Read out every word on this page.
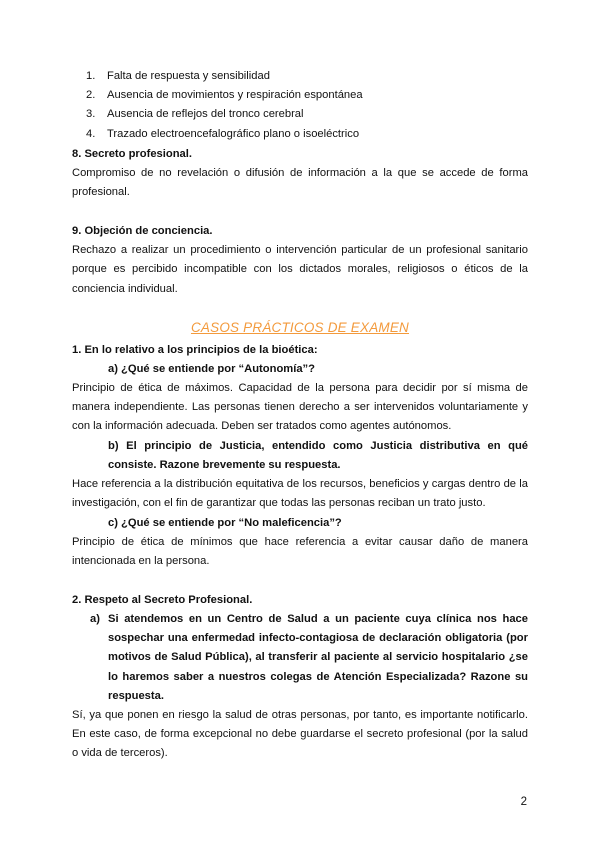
1. Falta de respuesta y sensibilidad
2. Ausencia de movimientos y respiración espontánea
3. Ausencia de reflejos del tronco cerebral
4. Trazado electroencefalográfico plano o isoeléctrico

8. Secreto profesional.

Compromiso de no revelación o difusión de información a la que se accede de forma profesional.

9. Objeción de conciencia.

Rechazo a realizar un procedimiento o intervención particular de un profesional sanitario porque es percibido incompatible con los dictados morales, religiosos o éticos de la conciencia individual.

CASOS PRÁCTICOS DE EXAMEN

1. En lo relativo a los principios de la bioética:

a) ¿Qué se entiende por “Autonomía”?

Principio de ética de máximos. Capacidad de la persona para decidir por sí misma de manera independiente. Las personas tienen derecho a ser intervenidos voluntariamente y con la información adecuada. Deben ser tratados como agentes autónomos.

b) El principio de Justicia, entendido como Justicia distributiva en qué consiste. Razone brevemente su respuesta.

Hace referencia a la distribución equitativa de los recursos, beneficios y cargas dentro de la investigación, con el fin de garantizar que todas las personas reciban un trato justo.

c) ¿Qué se entiende por “No maleficencia”?

Principio de ética de mínimos que hace referencia a evitar causar daño de manera intencionada en la persona.

2. Respeto al Secreto Profesional.

a) Si atendemos en un Centro de Salud a un paciente cuya clínica nos hace sospechar una enfermedad infecto-contagiosa de declaración obligatoria (por motivos de Salud Pública), al transferir al paciente al servicio hospitalario ¿se lo haremos saber a nuestros colegas de Atención Especializada? Razone su respuesta.

Sí, ya que ponen en riesgo la salud de otras personas, por tanto, es importante notificarlo. En este caso, de forma excepcional no debe guardarse el secreto profesional (por la salud o vida de terceros).

2
